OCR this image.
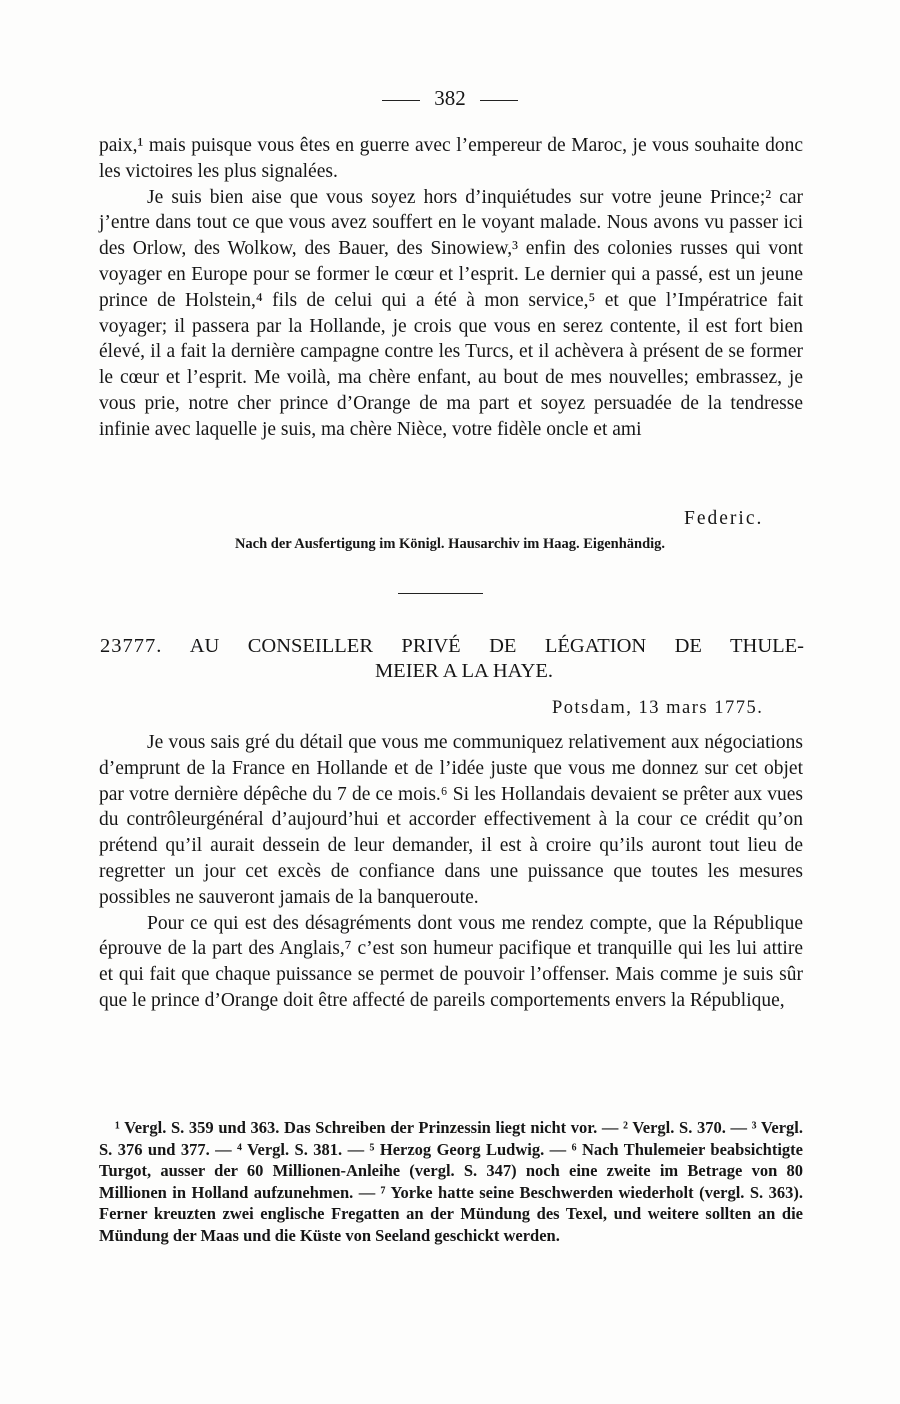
382

paix,¹ mais puisque vous êtes en guerre avec l’empereur de Maroc, je vous souhaite donc les victoires les plus signalées.

Je suis bien aise que vous soyez hors d’inquiétudes sur votre jeune Prince;² car j’entre dans tout ce que vous avez souffert en le voyant malade. Nous avons vu passer ici des Orlow, des Wolkow, des Bauer, des Sinowiew,³ enfin des colonies russes qui vont voyager en Europe pour se former le cœur et l’esprit. Le dernier qui a passé, est un jeune prince de Holstein,⁴ fils de celui qui a été à mon service,⁵ et que l’Impératrice fait voyager; il passera par la Hollande, je crois que vous en serez contente, il est fort bien élevé, il a fait la dernière campagne contre les Turcs, et il achèvera à présent de se former le cœur et l’esprit. Me voilà, ma chère enfant, au bout de mes nouvelles; embrassez, je vous prie, notre cher prince d’Orange de ma part et soyez persuadée de la tendresse infinie avec laquelle je suis, ma chère Nièce, votre fidèle oncle et ami

Federic.
Nach der Ausfertigung im Königl. Hausarchiv im Haag. Eigenhändig.
23777. AU CONSEILLER PRIVÉ DE LÉGATION DE THULE-
MEIER A LA HAYE.
Potsdam, 13 mars 1775.

Je vous sais gré du détail que vous me communiquez relativement aux négociations d’emprunt de la France en Hollande et de l’idée juste que vous me donnez sur cet objet par votre dernière dépêche du 7 de ce mois.⁶ Si les Hollandais devaient se prêter aux vues du contrôleurgénéral d’aujourd’hui et accorder effectivement à la cour ce crédit qu’on prétend qu’il aurait dessein de leur demander, il est à croire qu’ils auront tout lieu de regretter un jour cet excès de confiance dans une puissance que toutes les mesures possibles ne sauveront jamais de la banqueroute.

Pour ce qui est des désagréments dont vous me rendez compte, que la République éprouve de la part des Anglais,⁷ c’est son humeur pacifique et tranquille qui les lui attire et qui fait que chaque puissance se permet de pouvoir l’offenser. Mais comme je suis sûr que le prince d’Orange doit être affecté de pareils comportements envers la République,

¹ Vergl. S. 359 und 363. Das Schreiben der Prinzessin liegt nicht vor. — ² Vergl. S. 370. — ³ Vergl. S. 376 und 377. — ⁴ Vergl. S. 381. — ⁵ Herzog Georg Ludwig. — ⁶ Nach Thulemeier beabsichtigte Turgot, ausser der 60 Millionen-Anleihe (vergl. S. 347) noch eine zweite im Betrage von 80 Millionen in Holland aufzunehmen. — ⁷ Yorke hatte seine Beschwerden wiederholt (vergl. S. 363). Ferner kreuzten zwei englische Fregatten an der Mündung des Texel, und weitere sollten an die Mündung der Maas und die Küste von Seeland geschickt werden.
